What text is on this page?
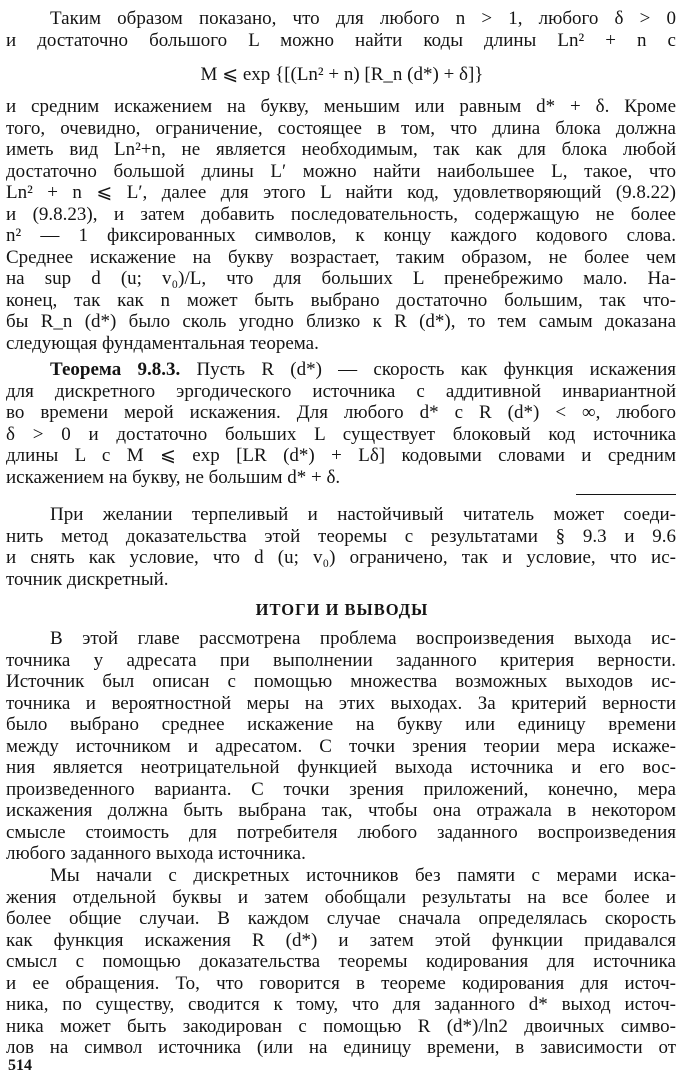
Таким образом показано, что для любого n > 1, любого δ > 0
и достаточно большого L можно найти коды длины Ln² + n с
M ⩽ exp {[(Ln² + n) [R_n (d*) + δ]}
и средним искажением на букву, меньшим или равным d* + δ. Кроме
того, очевидно, ограничение, состоящее в том, что длина блока должна
иметь вид Ln²+n, не является необходимым, так как для блока любой
достаточно большой длины L′ можно найти наибольшее L, такое, что
Ln² + n ⩽ L′, далее для этого L найти код, удовлетворяющий (9.8.22)
и (9.8.23), и затем добавить последовательность, содержащую не более
n² — 1 фиксированных символов, к концу каждого кодового слова.
Среднее искажение на букву возрастает, таким образом, не более чем
на sup d (u; v₀)/L, что для больших L пренебрежимо мало. На-
конец, так как n может быть выбрано достаточно большим, так что-
бы R_n (d*) было сколь угодно близко к R (d*), то тем самым доказана
следующая фундаментальная теорема.
Теорема 9.8.3. Пусть R (d*) — скорость как функция искажения
для дискретного эргодического источника с аддитивной инвариантной
во времени мерой искажения. Для любого d* с R (d*) < ∞, любого
δ > 0 и достаточно больших L существует блоковый код источника
длины L с M ⩽ exp [LR (d*) + Lδ] кодовыми словами и средним
искажением на букву, не большим d* + δ.
При желании терпеливый и настойчивый читатель может соеди-
нить метод доказательства этой теоремы с результатами § 9.3 и 9.6
и снять как условие, что d (u; v₀) ограничено, так и условие, что ис-
точник дискретный.
ИТОГИ И ВЫВОДЫ
В этой главе рассмотрена проблема воспроизведения выхода ис-
точника у адресата при выполнении заданного критерия верности.
Источник был описан с помощью множества возможных выходов ис-
точника и вероятностной меры на этих выходах. За критерий верности
было выбрано среднее искажение на букву или единицу времени
между источником и адресатом. С точки зрения теории мера искаже-
ния является неотрицательной функцией выхода источника и его вос-
произведенного варианта. С точки зрения приложений, конечно, мера
искажения должна быть выбрана так, чтобы она отражала в некотором
смысле стоимость для потребителя любого заданного воспроизведения
любого заданного выхода источника.
Мы начали с дискретных источников без памяти с мерами иска-
жения отдельной буквы и затем обобщали результаты на все более и
более общие случаи. В каждом случае сначала определялась скорость
как функция искажения R (d*) и затем этой функции придавался
смысл с помощью доказательства теоремы кодирования для источника
и ее обращения. То, что говорится в теореме кодирования для источ-
ника, по существу, сводится к тому, что для заданного d* выход источ-
ника может быть закодирован с помощью R (d*)/ln2 двоичных симво-
лов на символ источника (или на единицу времени, в зависимости от
514
